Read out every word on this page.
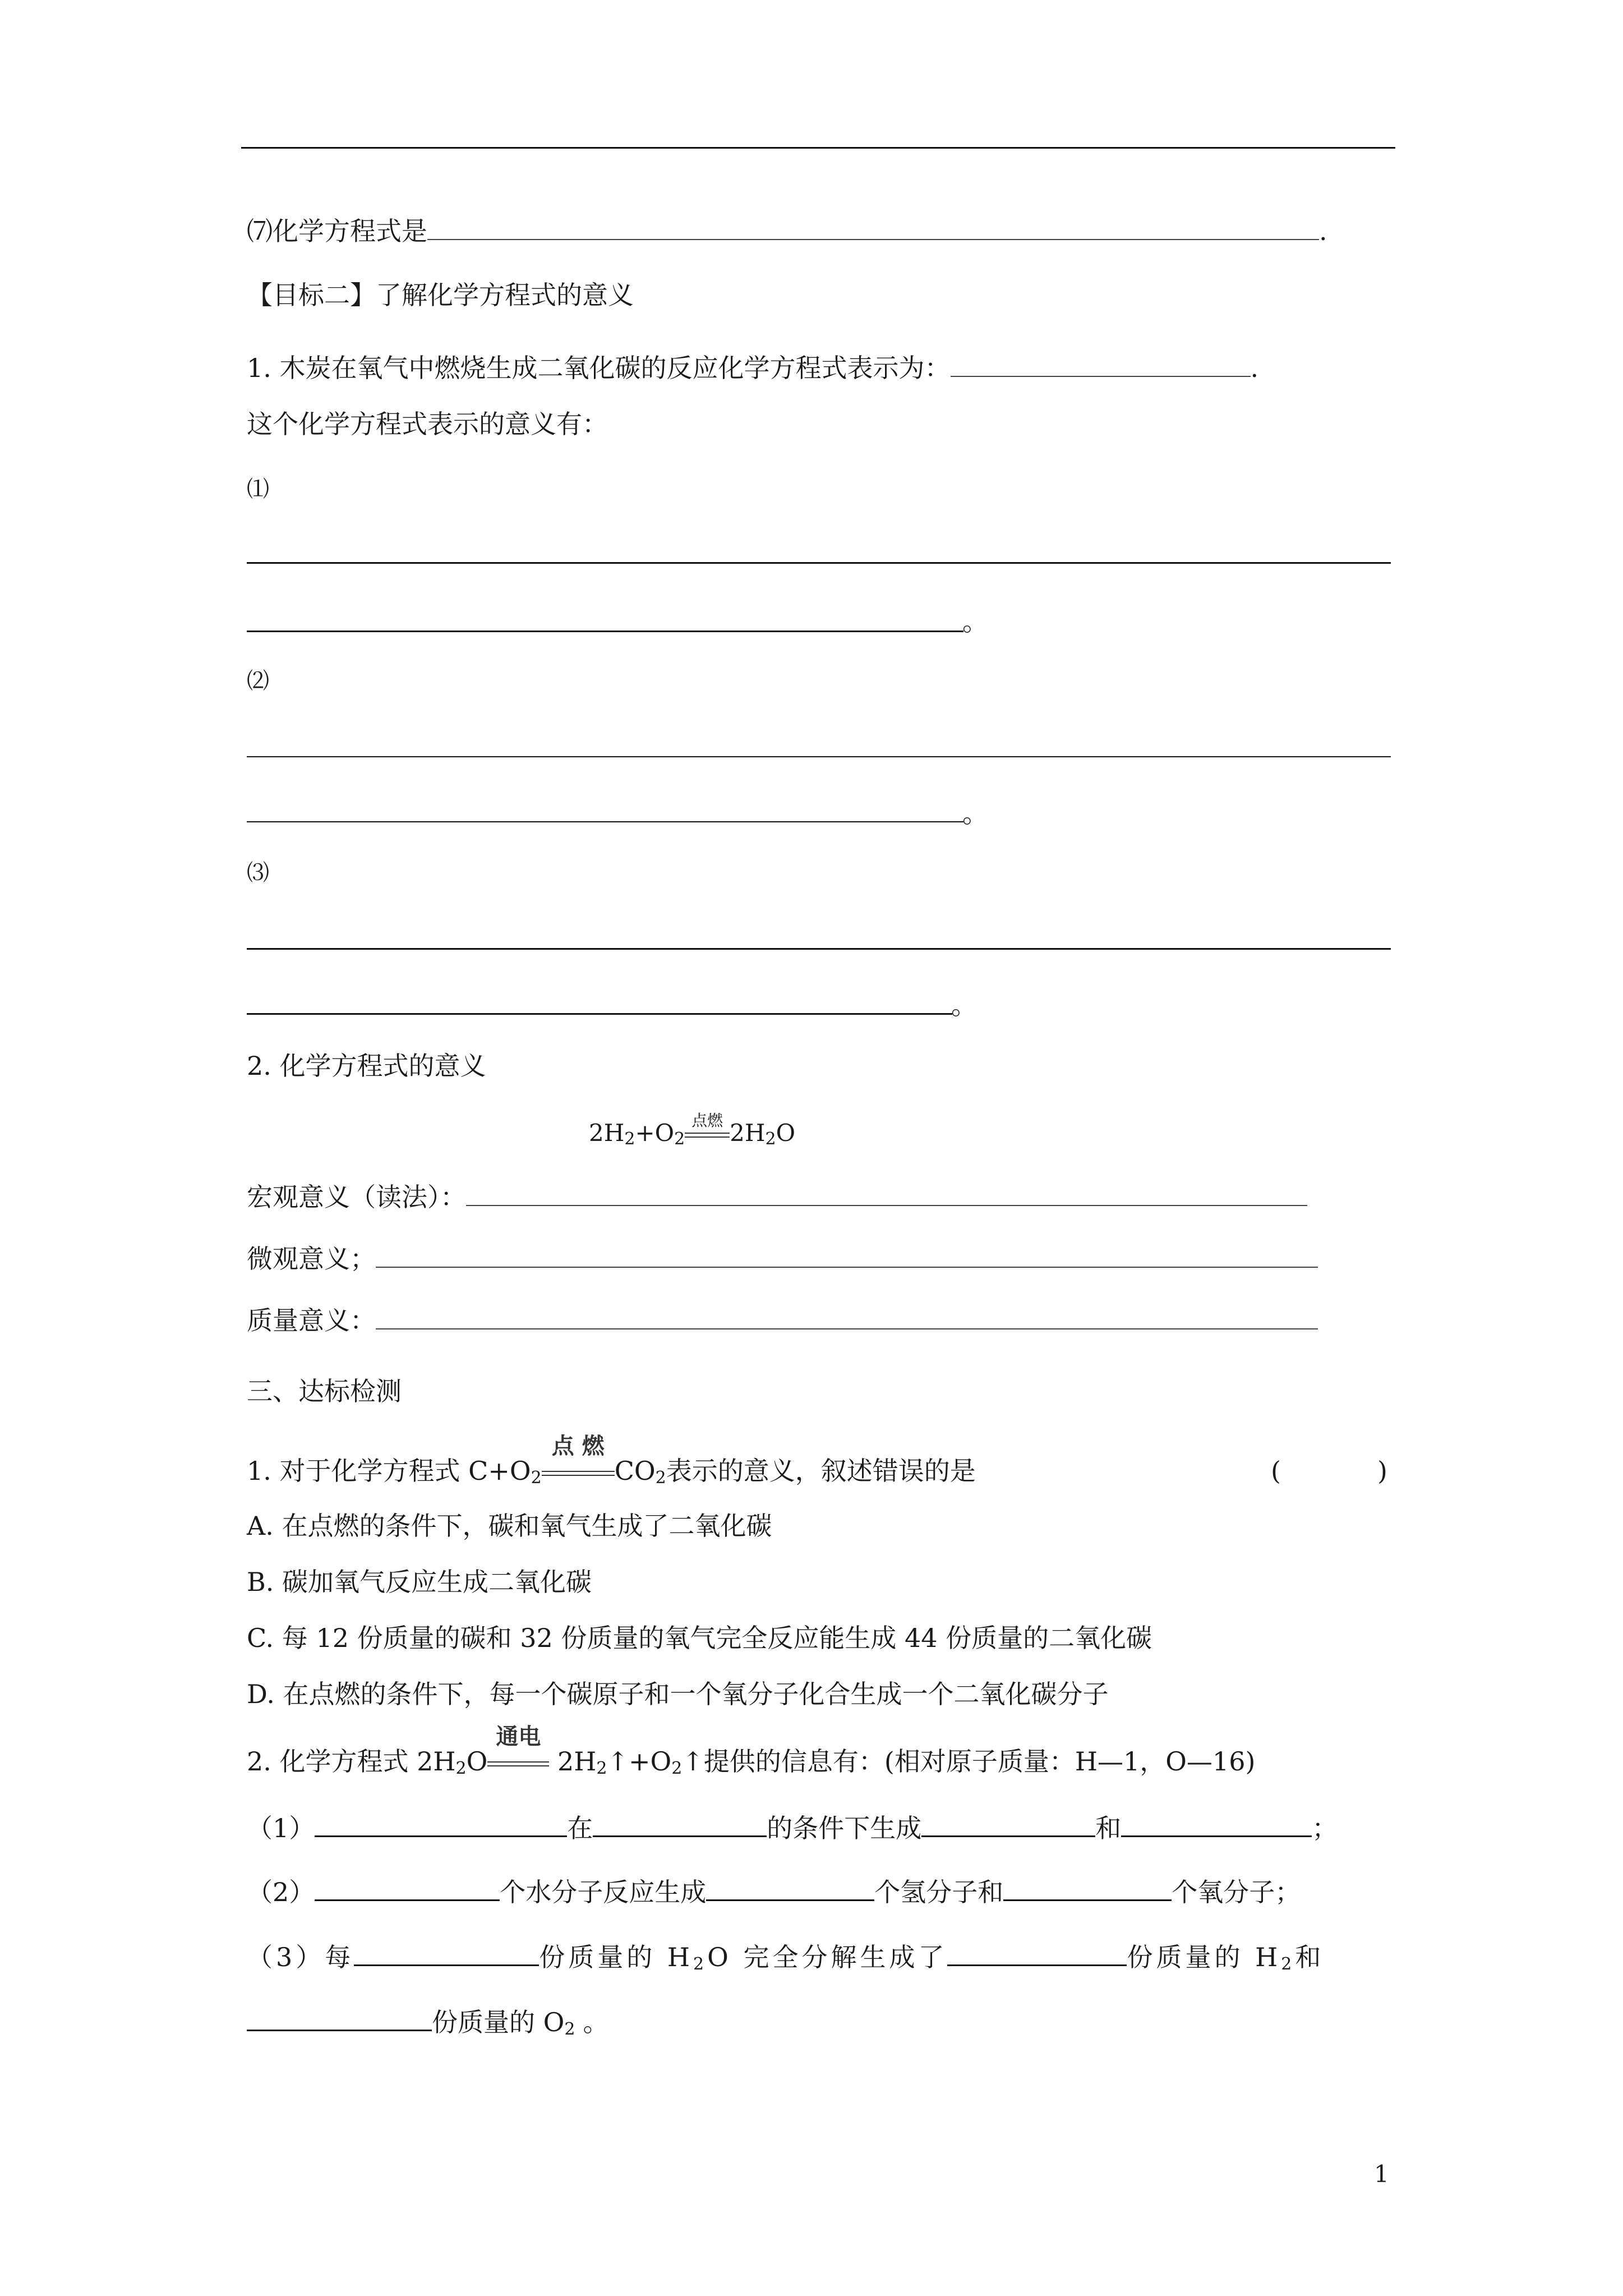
⑺化学方程式是	.
【目标二】了解化学方程式的意义
1. 木炭在氧气中燃烧生成二氧化碳的反应化学方程式表示为：	.
这个化学方程式表示的意义有：
⑴
。
⑵
。
⑶
。
2. 化学方程式的意义
$2H_2+O_2$
点燃 $2H_2O$
宏观意义（读法）：
微观意义；
质量意义：
三、达标检测
1. 对于化学方程式 $C+O_2$
点 燃
$CO_2$表示的意义，叙述错误的是	(	)
A. 在点燃的条件下，碳和氧气生成了二氧化碳
B. 碳加氧气反应生成二氧化碳
C. 每 12 份质量的碳和 32 份质量的氧气完全反应能生成 44 份质量的二氧化碳
D. 在点燃的条件下，每一个碳原子和一个氧分子化合生成一个二氧化碳分子
2. 化学方程式 $2H_2O$
通电
$2H_2↑+O_2↑$提供的信息有：(相对原子质量：H—1，O—16)
（1）	在	的条件下生成	和	；
（2）	个水分子反应生成	个氢分子和	个氧分子；
（3）每	份质量的 $H_2O$ 完全分解生成了	份质量的 $H_2$和
份质量的 $O_2$ 。
1
